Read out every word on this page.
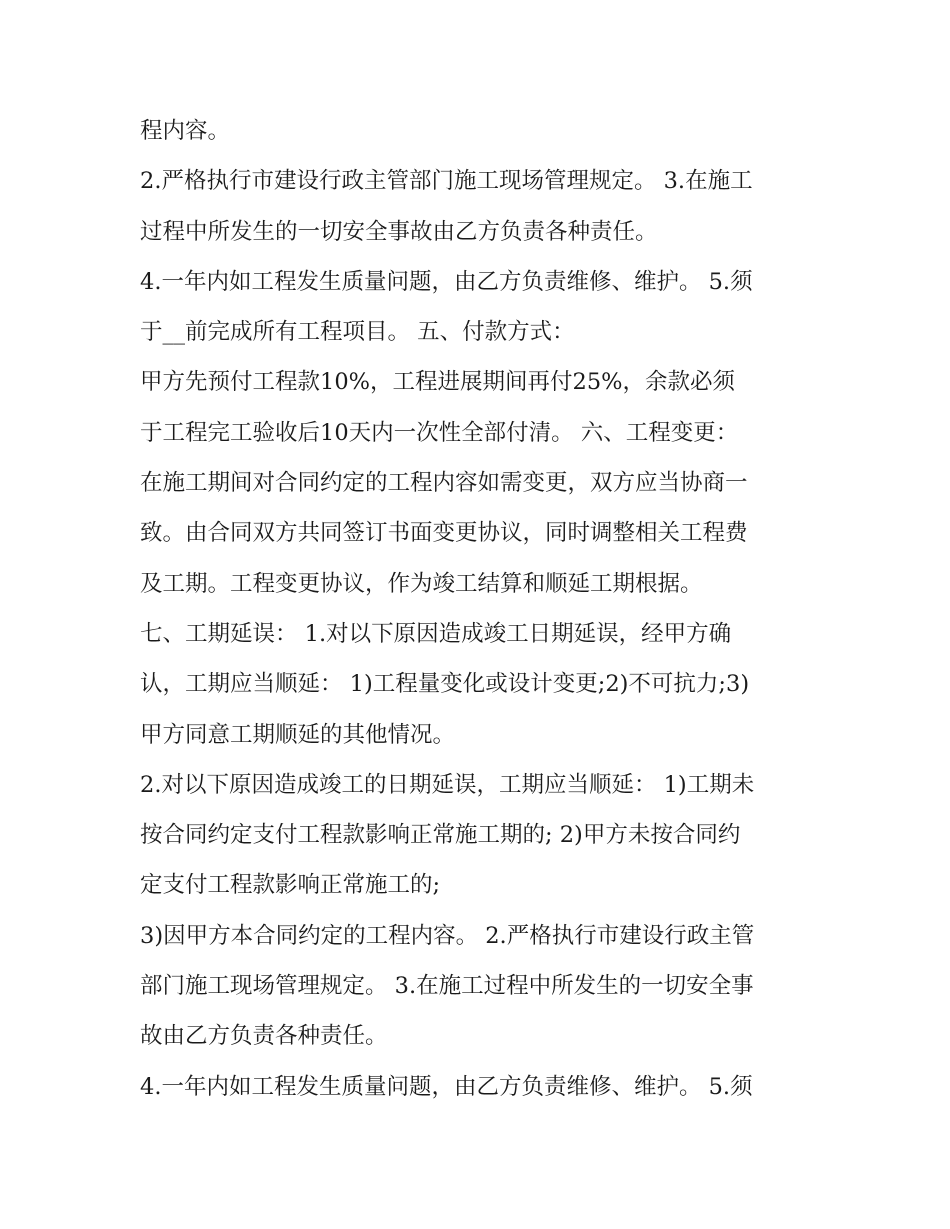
程内容。
2.严格执行市建设行政主管部门施工现场管理规定。 3.在施工
过程中所发生的一切安全事故由乙方负责各种责任。
4.一年内如工程发生质量问题，由乙方负责维修、维护。 5.须
于__前完成所有工程项目。 五、付款方式：
甲方先预付工程款10%，工程进展期间再付25%，余款必须
于工程完工验收后10天内一次性全部付清。 六、工程变更：
在施工期间对合同约定的工程内容如需变更，双方应当协商一
致。由合同双方共同签订书面变更协议，同时调整相关工程费
及工期。工程变更协议，作为竣工结算和顺延工期根据。
七、工期延误： 1.对以下原因造成竣工日期延误，经甲方确
认，工期应当顺延： 1)工程量变化或设计变更;2)不可抗力;3)
甲方同意工期顺延的其他情况。
2.对以下原因造成竣工的日期延误，工期应当顺延： 1)工期未
按合同约定支付工程款影响正常施工期的; 2)甲方未按合同约
定支付工程款影响正常施工的;
3)因甲方本合同约定的工程内容。 2.严格执行市建设行政主管
部门施工现场管理规定。 3.在施工过程中所发生的一切安全事
故由乙方负责各种责任。
4.一年内如工程发生质量问题，由乙方负责维修、维护。 5.须
